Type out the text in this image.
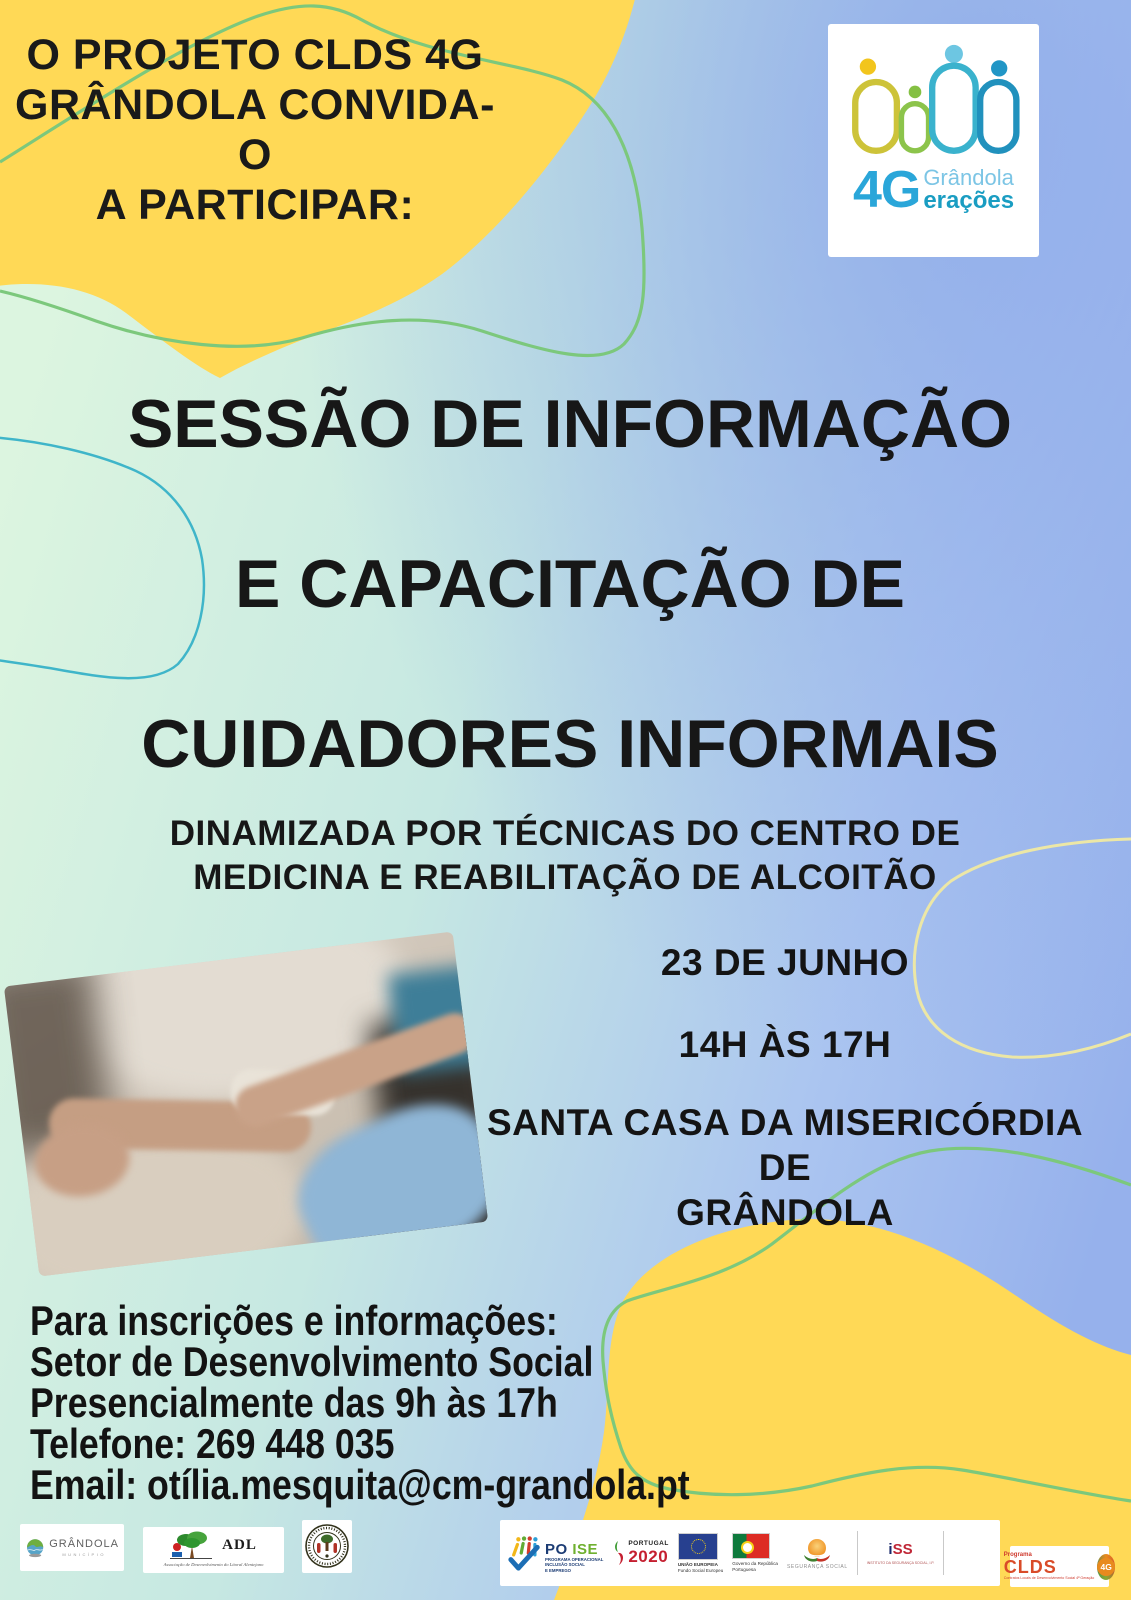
O PROJETO CLDS 4G
GRÂNDOLA CONVIDA-O
A PARTICIPAR:	4G Grândola
erações
SESSÃO DE INFORMAÇÃO
E CAPACITAÇÃO DE
CUIDADORES INFORMAIS
DINAMIZADA POR TÉCNICAS DO CENTRO DE MEDICINA E REABILITAÇÃO DE ALCOITÃO
23 DE JUNHO
14H ÀS 17H
SANTA CASA DA MISERICÓRDIA DE
GRÂNDOLA
Para inscrições e informações:
Setor de Desenvolvimento Social
Presencialmente das 9h às 17h
Telefone: 269 448 035
Email: otília.mesquita@cm-grandola.pt
GRÂNDOLA
MUNICÍPIO
ADL
Associação de Desenvolvimento do Litoral Alentejano
PO ISE
PROGRAMA OPERACIONAL
INCLUSÃO SOCIAL
E EMPREGO
PORTUGAL
2020 UNIÃO EUROPEIA
Fundo Social Europeu
Governo da República
Portuguesa	SEGURANÇA SOCIAL
iSS
INSTITUTO DA SEGURANÇA SOCIAL, I.P.
Programa
CLDS
Contratos Locais de Desenvolvimento Social 4ª Geração
4G
